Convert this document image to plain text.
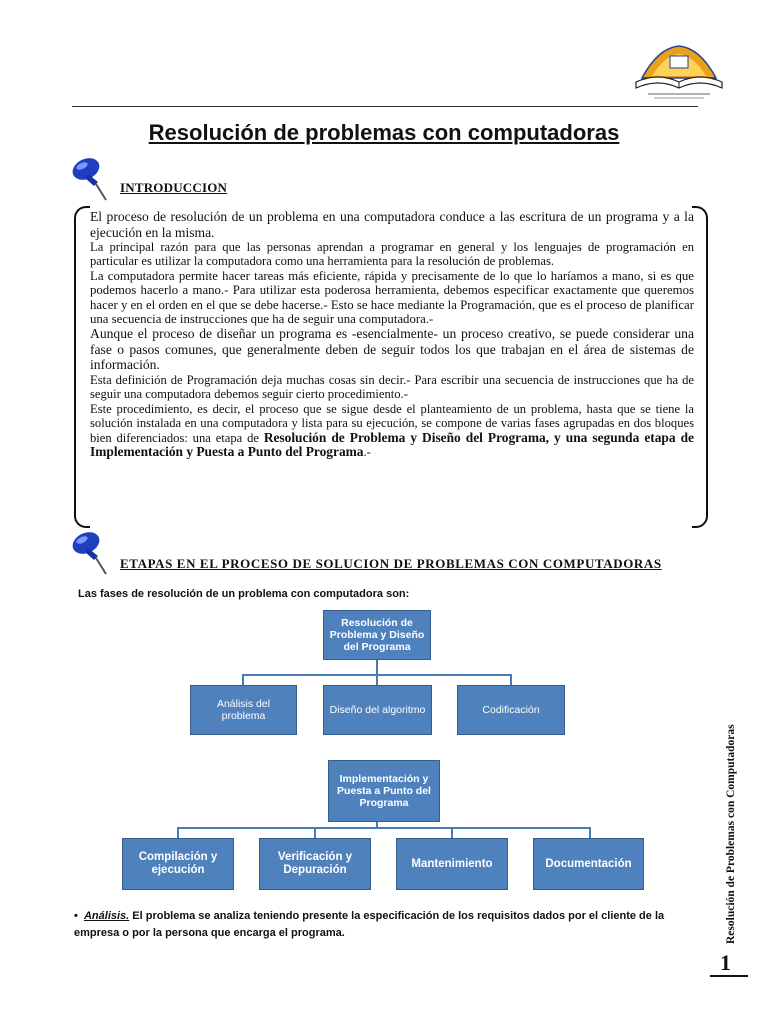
Resolución de problemas con computadoras
INTRODUCCION

El proceso de resolución de un problema en una computadora conduce a las escritura de un programa y a la ejecución en la misma.

La principal razón para que las personas aprendan a programar en general y los lenguajes de programación en particular es utilizar la computadora como una herramienta para la resolución de problemas.

La computadora permite hacer tareas más eficiente, rápida y precisamente de lo que lo haríamos a mano, si es que podemos hacerlo a mano.- Para utilizar esta poderosa herramienta, debemos especificar exactamente que queremos hacer y en el orden en el que se debe hacerse.- Esto se hace mediante la Programación, que es el proceso de planificar una secuencia de instrucciones que ha de seguir una computadora.-

Aunque el proceso de diseñar un programa es -esencialmente- un proceso creativo, se puede considerar una fase o pasos comunes, que generalmente deben de seguir todos los que trabajan en el área de sistemas de información.

Esta definición de Programación deja muchas cosas sin decir.- Para escribir una secuencia de instrucciones que ha de seguir una computadora debemos seguir cierto procedimiento.-

Este procedimiento, es decir, el proceso que se sigue desde el planteamiento de un problema, hasta que se tiene la solución instalada en una computadora y lista para su ejecución, se compone de varias fases agrupadas en dos bloques bien diferenciados: una etapa de Resolución de Problema y Diseño del Programa, y una segunda etapa de Implementación y Puesta a Punto del Programa.-

ETAPAS EN EL PROCESO DE SOLUCION DE PROBLEMAS CON COMPUTADORAS
Las fases de resolución de un problema con computadora son:
Resolución de Problema y Diseño del Programa
Análisis del problema	Diseño del algoritmo	Codificación
Implementación y Puesta a Punto del Programa
Compilación y ejecución
Verificación y Depuración
Mantenimiento	Documentación
• Análisis. El problema se analiza teniendo presente la especificación de los requisitos dados por el cliente de la empresa o por la persona que encarga el programa.	Resolución de Problemas con Computadoras
1
